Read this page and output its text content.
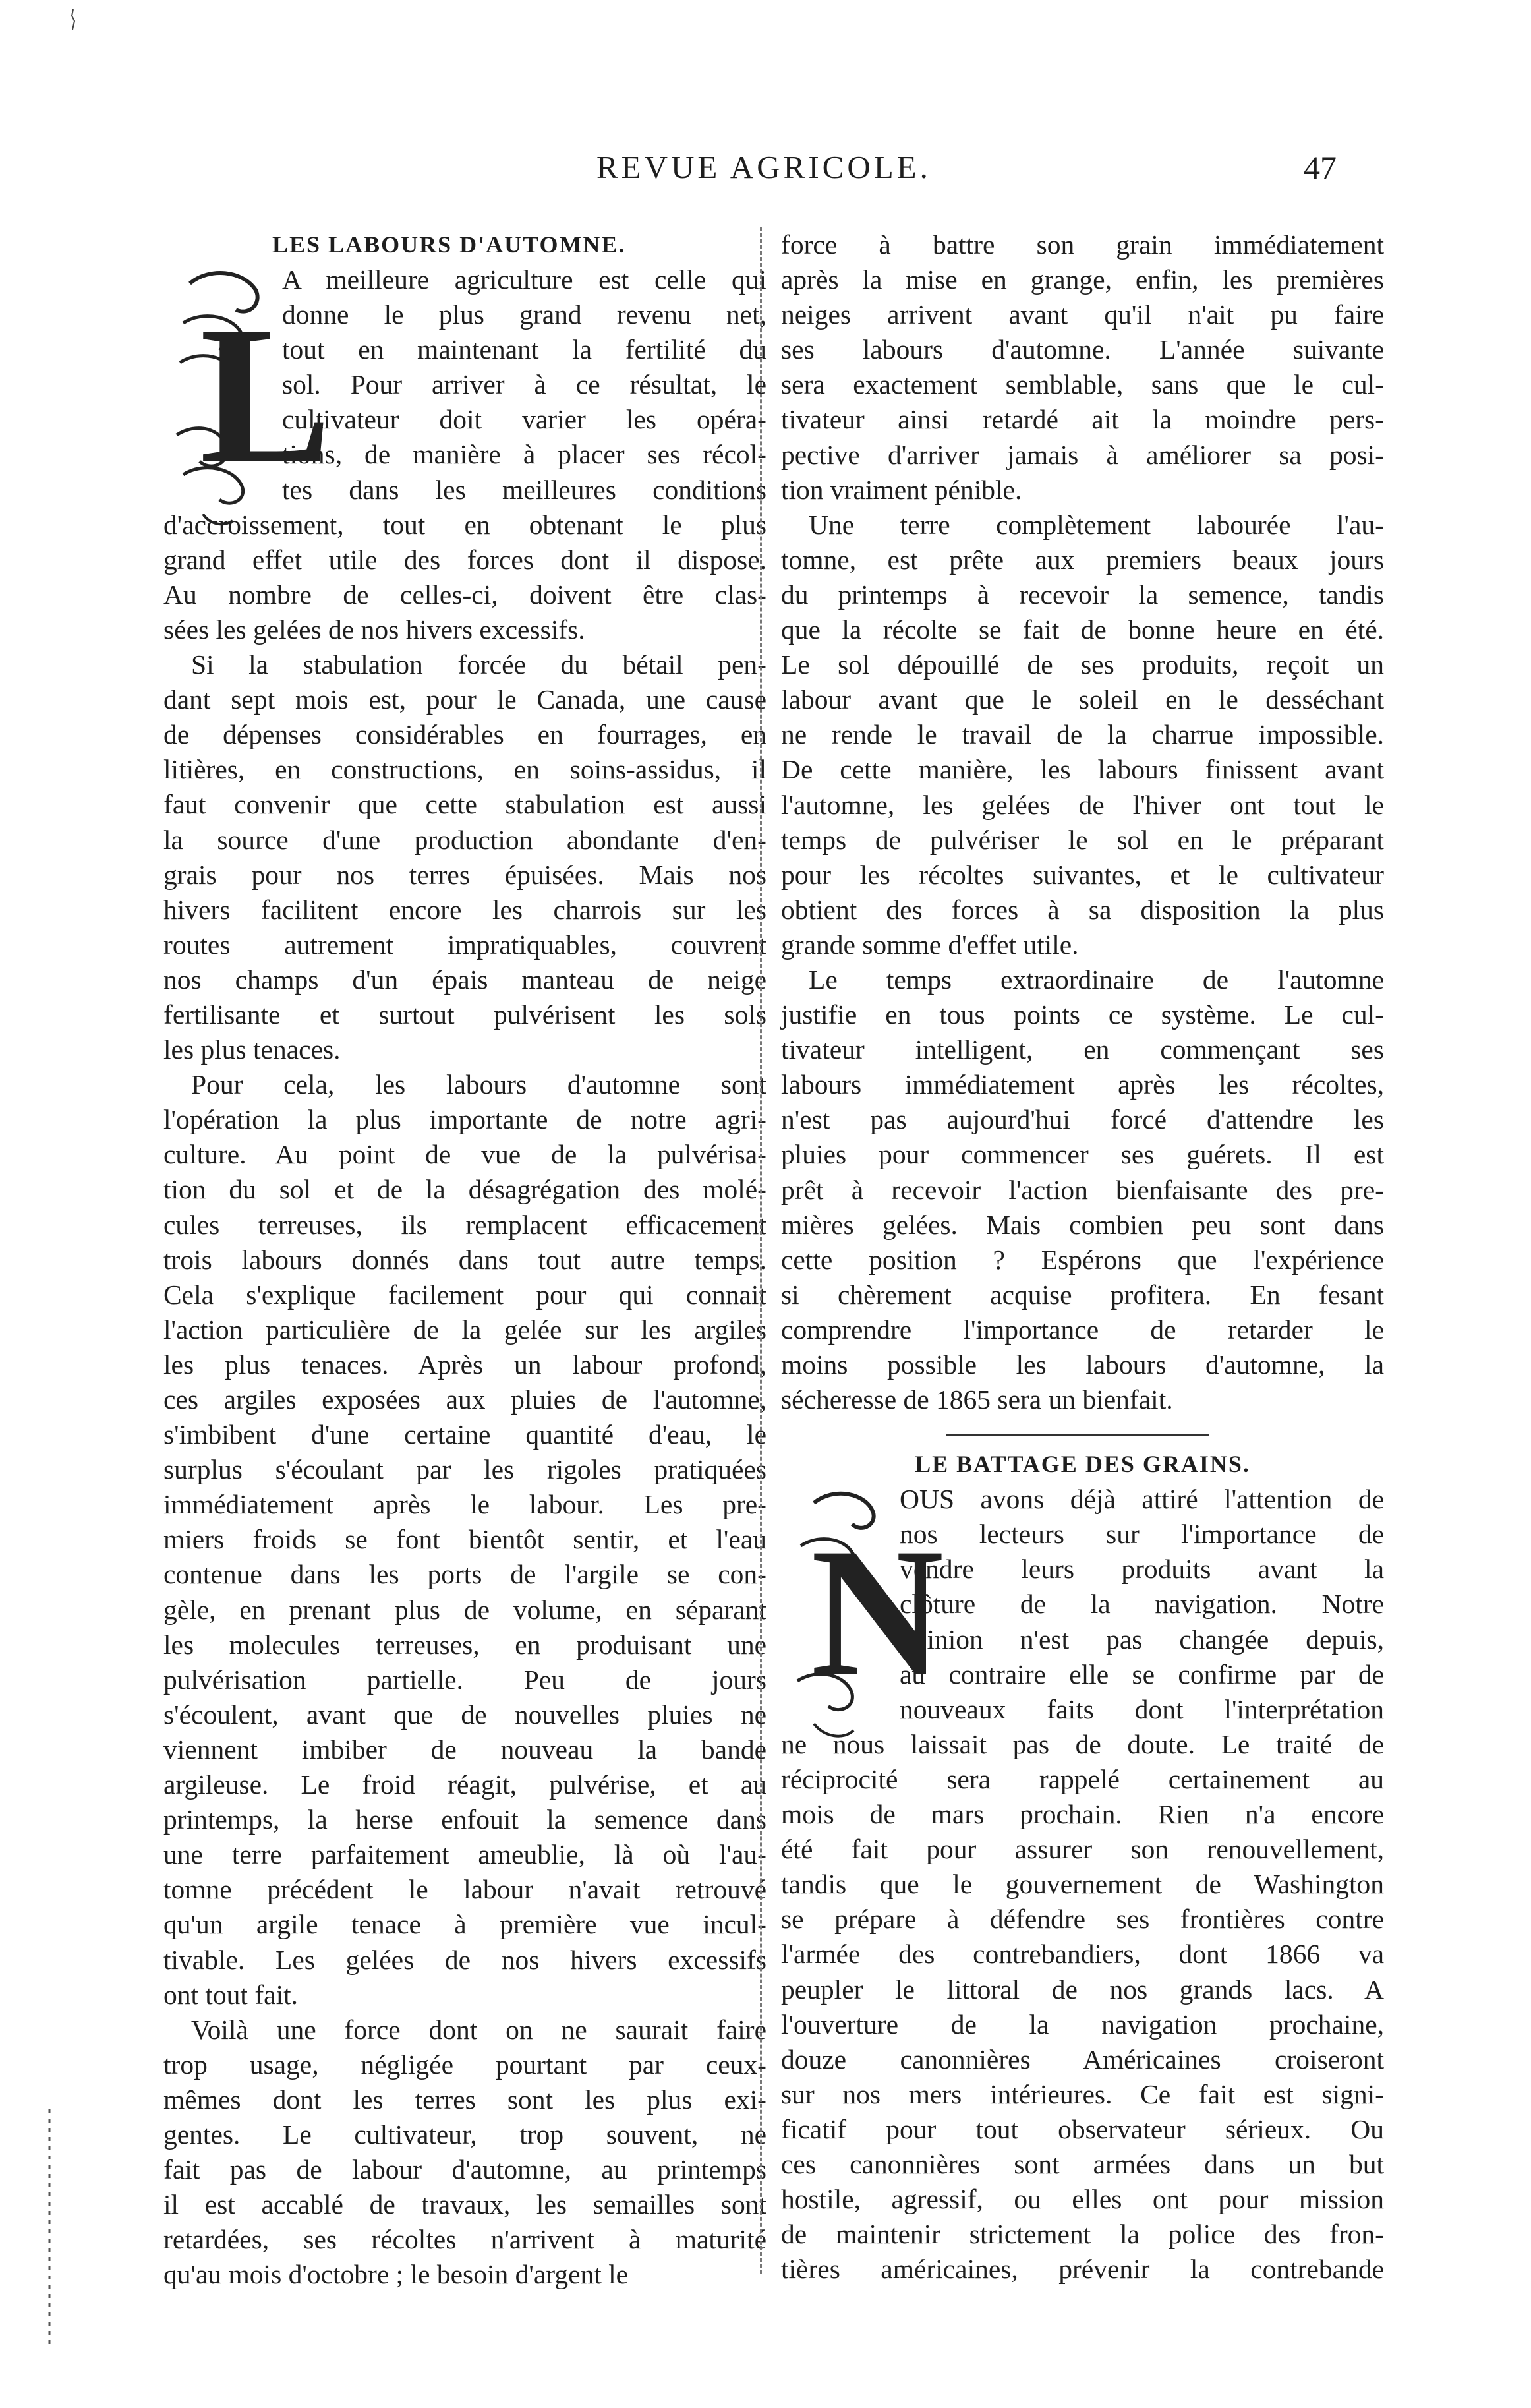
REVUE AGRICOLE.	47
LES LABOURS D'AUTOMNE.
L
A meilleure agriculture est celle qui
donne le plus grand revenu net,
tout en maintenant la fertilité du
sol. Pour arriver à ce résultat, le
cultivateur doit varier les opéra-
tions, de manière à placer ses récol-
tes dans les meilleures conditions
d'accroissement, tout en obtenant le plus
grand effet utile des forces dont il dispose.
Au nombre de celles-ci, doivent être clas-
sées les gelées de nos hivers excessifs.
Si la stabulation forcée du bétail pen-
dant sept mois est, pour le Canada, une cause
de dépenses considérables en fourrages, en
litières, en constructions, en soins-assidus, il
faut convenir que cette stabulation est aussi
la source d'une production abondante d'en-
grais pour nos terres épuisées. Mais nos
hivers facilitent encore les charrois sur les
routes autrement impratiquables, couvrent
nos champs d'un épais manteau de neige
fertilisante et surtout pulvérisent les sols
les plus tenaces.
Pour cela, les labours d'automne sont
l'opération la plus importante de notre agri-
culture. Au point de vue de la pulvérisa-
tion du sol et de la désagrégation des molé-
cules terreuses, ils remplacent efficacement
trois labours donnés dans tout autre temps.
Cela s'explique facilement pour qui connait
l'action particulière de la gelée sur les argiles
les plus tenaces. Après un labour profond,
ces argiles exposées aux pluies de l'automne,
s'imbibent d'une certaine quantité d'eau, le
surplus s'écoulant par les rigoles pratiquées
immédiatement après le labour. Les pre-
miers froids se font bientôt sentir, et l'eau
contenue dans les ports de l'argile se con-
gèle, en prenant plus de volume, en séparant
les molecules terreuses, en produisant une
pulvérisation partielle. Peu de jours
s'écoulent, avant que de nouvelles pluies ne
viennent imbiber de nouveau la bande
argileuse. Le froid réagit, pulvérise, et au
printemps, la herse enfouit la semence dans
une terre parfaitement ameublie, là où l'au-
tomne précédent le labour n'avait retrouvé
qu'un argile tenace à première vue incul-
tivable. Les gelées de nos hivers excessifs
ont tout fait.
Voilà une force dont on ne saurait faire
trop usage, négligée pourtant par ceux-
mêmes dont les terres sont les plus exi-
gentes. Le cultivateur, trop souvent, ne
fait pas de labour d'automne, au printemps
il est accablé de travaux, les semailles sont
retardées, ses récoltes n'arrivent à maturité
qu'au mois d'octobre ; le besoin d'argent le
force à battre son grain immédiatement
après la mise en grange, enfin, les premières
neiges arrivent avant qu'il n'ait pu faire
ses labours d'automne. L'année suivante
sera exactement semblable, sans que le cul-
tivateur ainsi retardé ait la moindre pers-
pective d'arriver jamais à améliorer sa posi-
tion vraiment pénible.
Une terre complètement labourée l'au-
tomne, est prête aux premiers beaux jours
du printemps à recevoir la semence, tandis
que la récolte se fait de bonne heure en été.
Le sol dépouillé de ses produits, reçoit un
labour avant que le soleil en le desséchant
ne rende le travail de la charrue impossible.
De cette manière, les labours finissent avant
l'automne, les gelées de l'hiver ont tout le
temps de pulvériser le sol en le préparant
pour les récoltes suivantes, et le cultivateur
obtient des forces à sa disposition la plus
grande somme d'effet utile.
Le temps extraordinaire de l'automne
justifie en tous points ce système. Le cul-
tivateur intelligent, en commençant ses
labours immédiatement après les récoltes,
n'est pas aujourd'hui forcé d'attendre les
pluies pour commencer ses guérets. Il est
prêt à recevoir l'action bienfaisante des pre-
mières gelées. Mais combien peu sont dans
cette position ? Espérons que l'expérience
si chèrement acquise profitera. En fesant
comprendre l'importance de retarder le
moins possible les labours d'automne, la
sécheresse de 1865 sera un bienfait.
LE BATTAGE DES GRAINS.
N
OUS avons déjà attiré l'attention de
nos lecteurs sur l'importance de
vendre leurs produits avant la
clôture de la navigation. Notre
opinion n'est pas changée depuis,
au contraire elle se confirme par de
nouveaux faits dont l'interprétation
ne nous laissait pas de doute. Le traité de
réciprocité sera rappelé certainement au
mois de mars prochain. Rien n'a encore
été fait pour assurer son renouvellement,
tandis que le gouvernement de Washington
se prépare à défendre ses frontières contre
l'armée des contrebandiers, dont 1866 va
peupler le littoral de nos grands lacs. A
l'ouverture de la navigation prochaine,
douze canonnières Américaines croiseront
sur nos mers intérieures. Ce fait est signi-
ficatif pour tout observateur sérieux. Ou
ces canonnières sont armées dans un but
hostile, agressif, ou elles ont pour mission
de maintenir strictement la police des fron-
tières américaines, prévenir la contrebande
